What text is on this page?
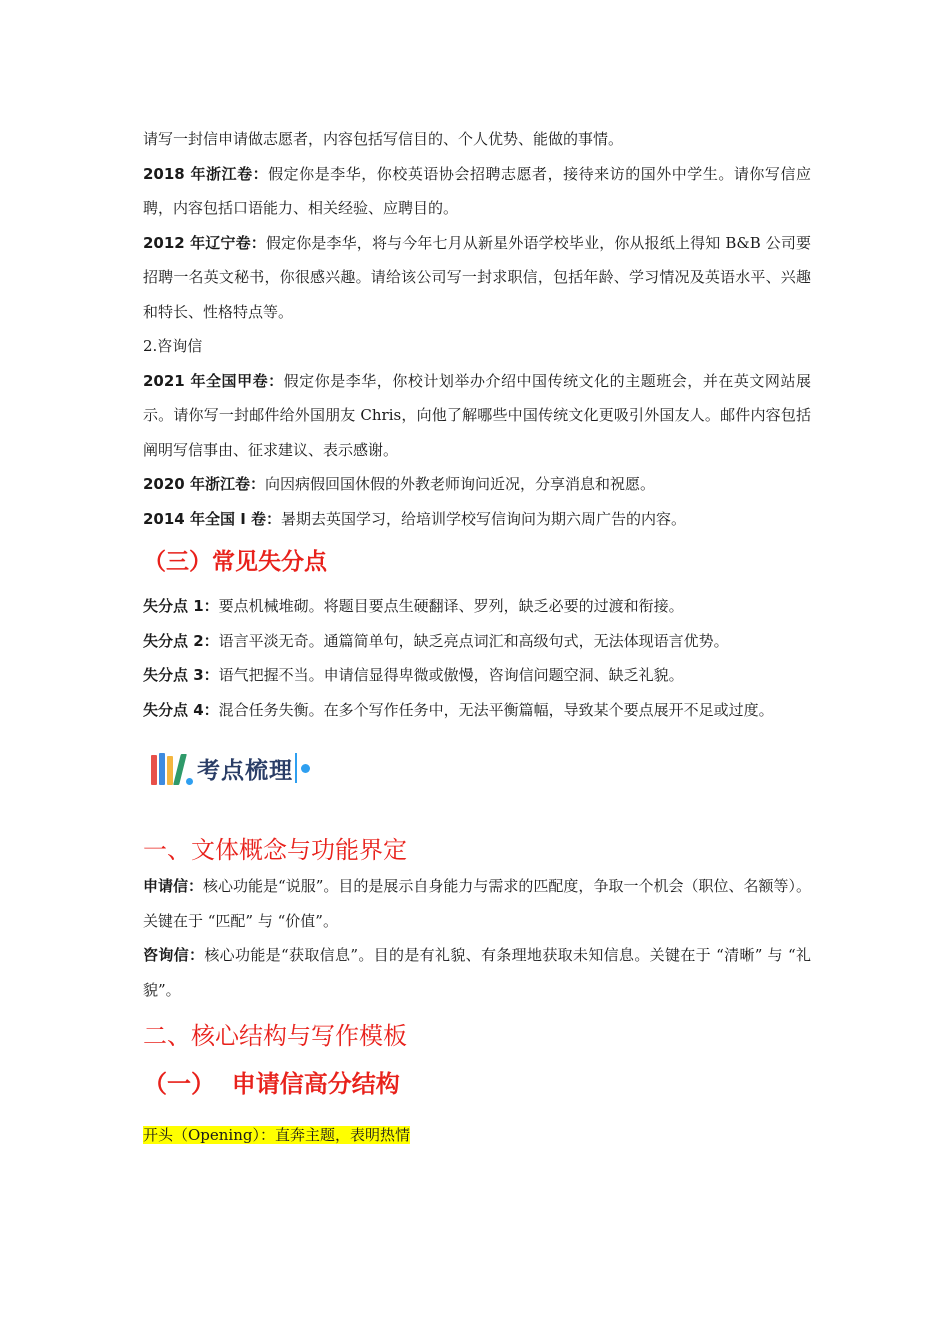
请写一封信申请做志愿者，内容包括写信目的、个人优势、能做的事情。

2018 年浙江卷：假定你是李华，你校英语协会招聘志愿者，接待来访的国外中学生。请你写信应聘，内容包括口语能力、相关经验、应聘目的。

2012 年辽宁卷：假定你是李华，将与今年七月从新星外语学校毕业，你从报纸上得知 B&B 公司要招聘一名英文秘书，你很感兴趣。请给该公司写一封求职信，包括年龄、学习情况及英语水平、兴趣和特长、性格特点等。

2.咨询信

2021 年全国甲卷：假定你是李华，你校计划举办介绍中国传统文化的主题班会，并在英文网站展示。请你写一封邮件给外国朋友 Chris，向他了解哪些中国传统文化更吸引外国友人。邮件内容包括阐明写信事由、征求建议、表示感谢。

2020 年浙江卷：向因病假回国休假的外教老师询问近况，分享消息和祝愿。

2014 年全国 I 卷：暑期去英国学习，给培训学校写信询问为期六周广告的内容。

（三）常见失分点

失分点 1：要点机械堆砌。将题目要点生硬翻译、罗列，缺乏必要的过渡和衔接。

失分点 2：语言平淡无奇。通篇简单句，缺乏亮点词汇和高级句式，无法体现语言优势。

失分点 3：语气把握不当。申请信显得卑微或傲慢，咨询信问题空洞、缺乏礼貌。

失分点 4：混合任务失衡。在多个写作任务中，无法平衡篇幅，导致某个要点展开不足或过度。

考点梳理
一、文体概念与功能界定

申请信：核心功能是“说服”。目的是展示自身能力与需求的匹配度，争取一个机会（职位、名额等）。关键在于 “匹配” 与 “价值”。

咨询信：核心功能是“获取信息”。目的是有礼貌、有条理地获取未知信息。关键在于 “清晰” 与 “礼貌”。

二、核心结构与写作模板
（一）  申请信高分结构

开头（Opening）：直奔主题，表明热情
